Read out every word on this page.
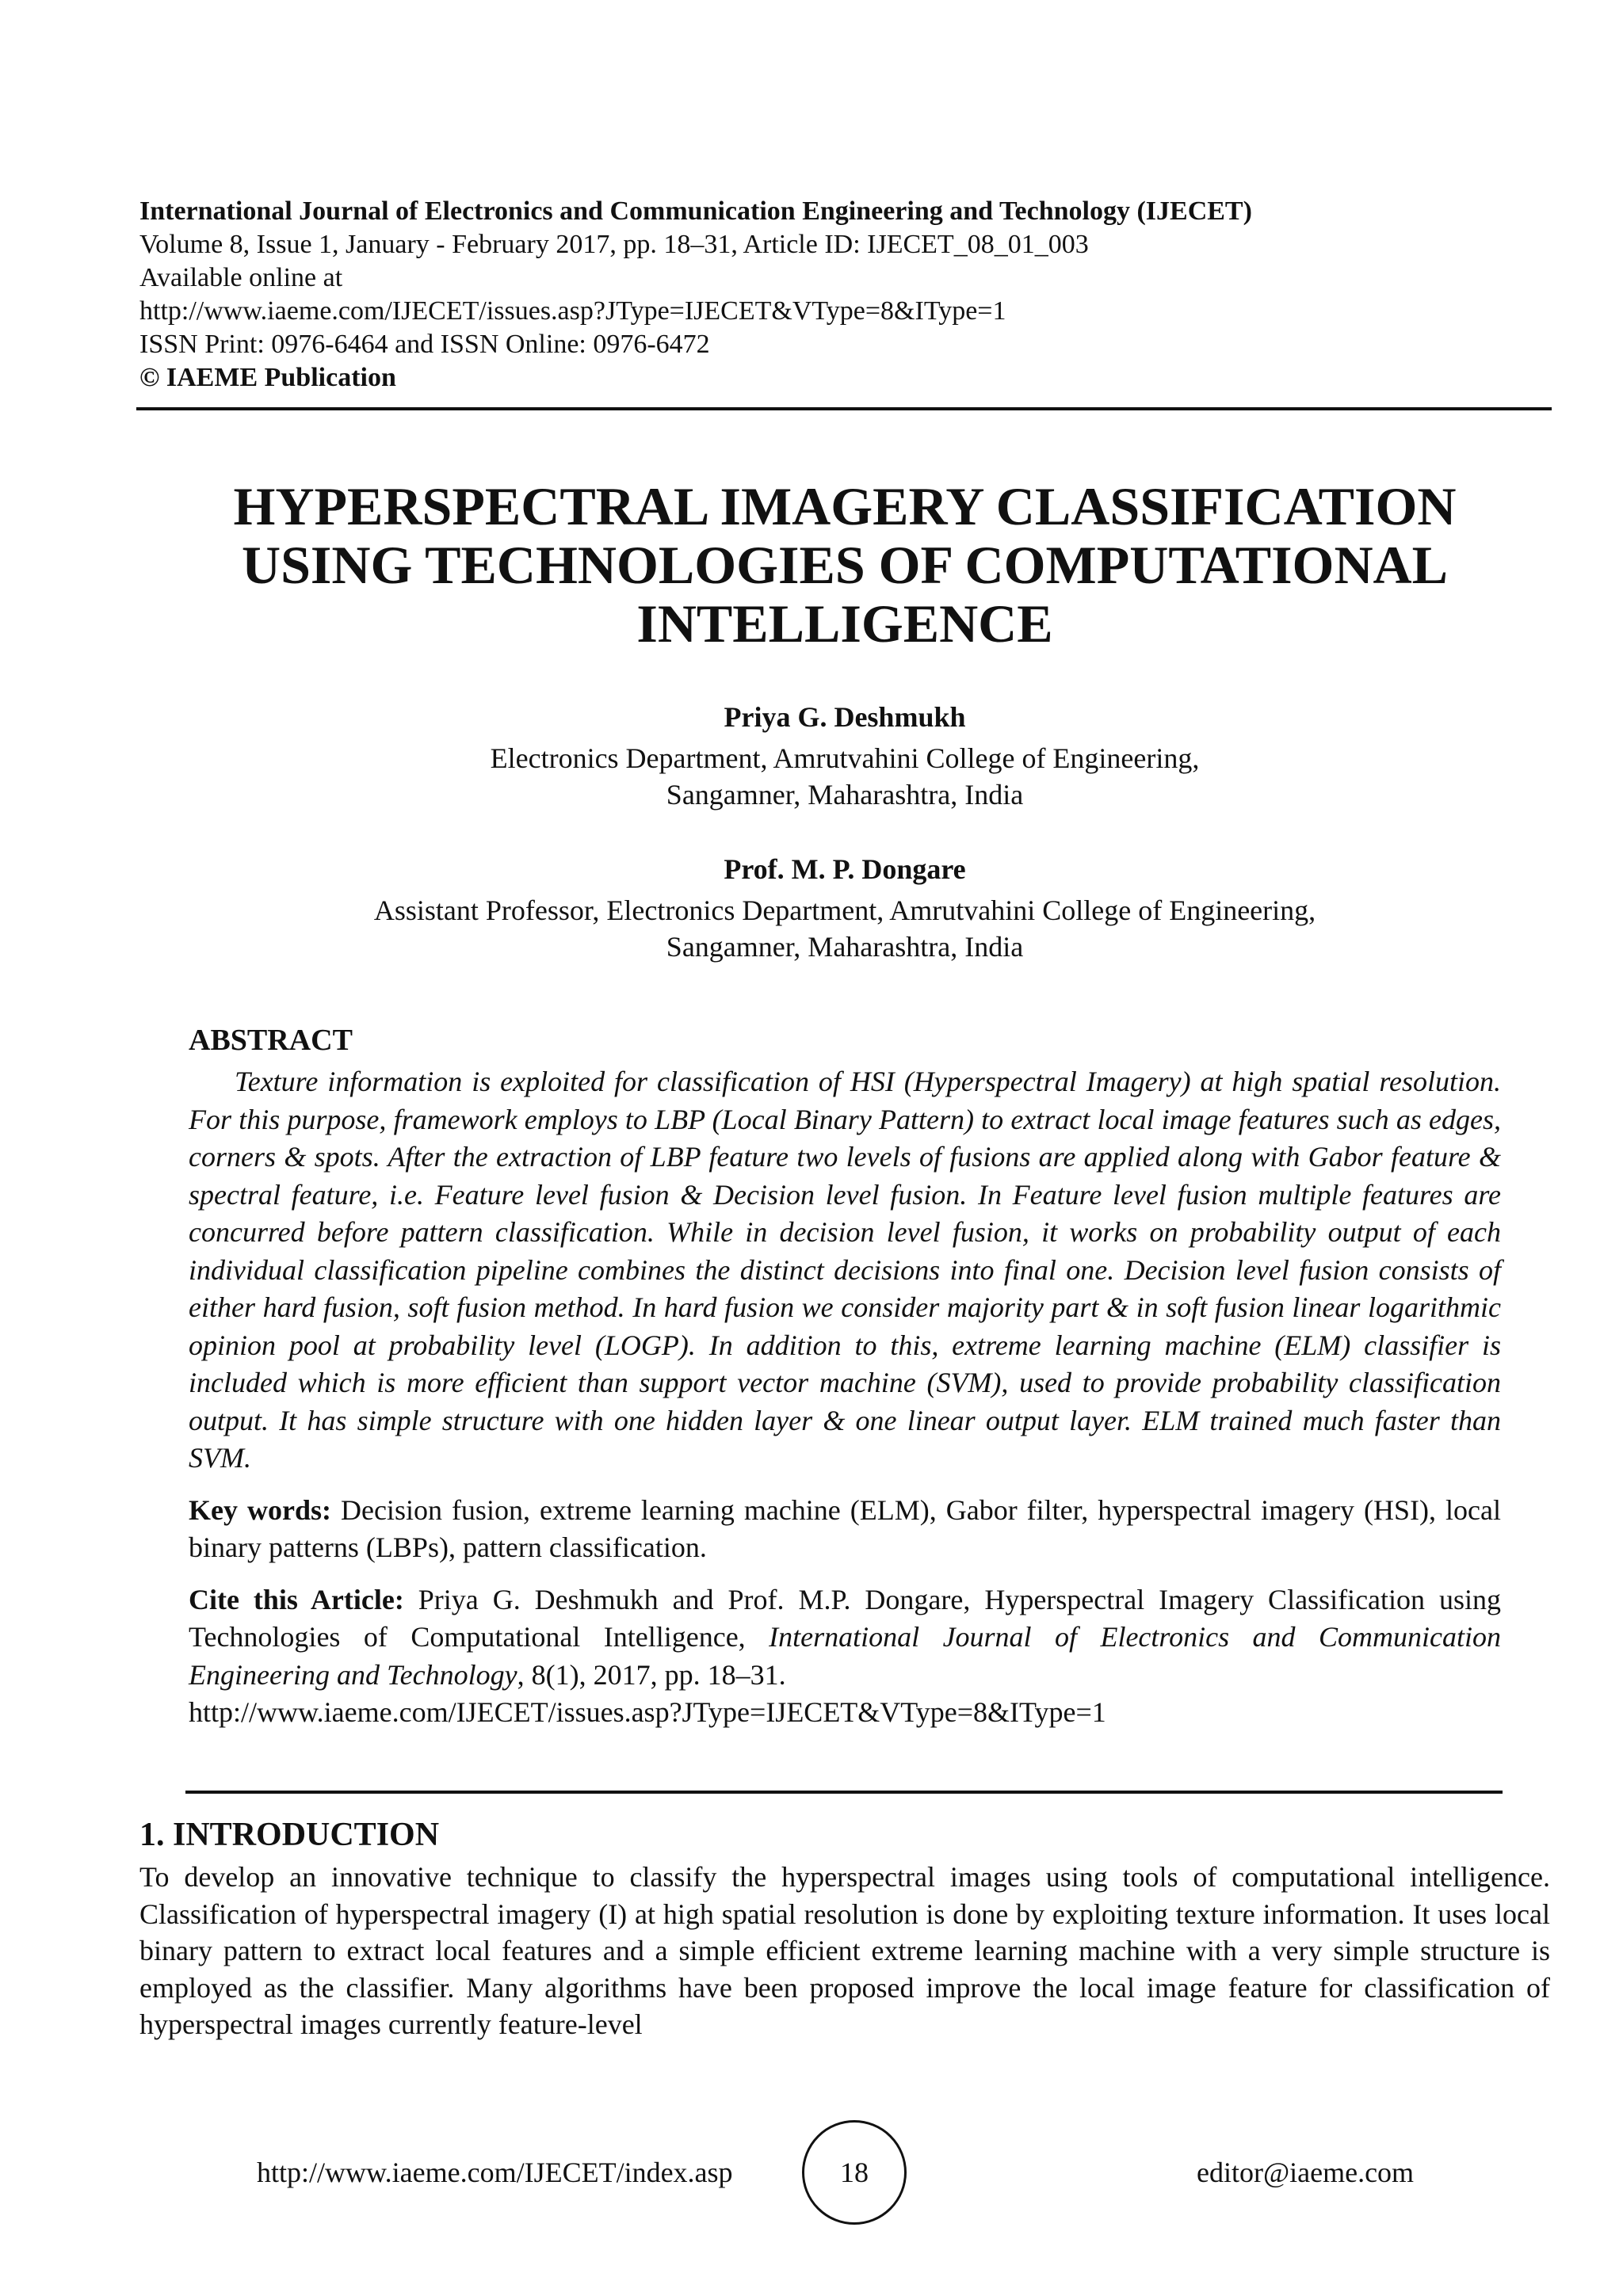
International Journal of Electronics and Communication Engineering and Technology (IJECET)
Volume 8, Issue 1, January - February 2017, pp. 18–31, Article ID: IJECET_08_01_003
Available online at
http://www.iaeme.com/IJECET/issues.asp?JType=IJECET&VType=8&IType=1
ISSN Print: 0976-6464 and ISSN Online: 0976-6472
© IAEME Publication
HYPERSPECTRAL IMAGERY CLASSIFICATION
USING TECHNOLOGIES OF COMPUTATIONAL
INTELLIGENCE
Priya G. Deshmukh
Electronics Department, Amrutvahini College of Engineering,
Sangamner, Maharashtra, India
Prof. M. P. Dongare
Assistant Professor, Electronics Department, Amrutvahini College of Engineering,
Sangamner, Maharashtra, India
ABSTRACT

Texture information is exploited for classification of HSI (Hyperspectral Imagery) at high spatial resolution. For this purpose, framework employs to LBP (Local Binary Pattern) to extract local image features such as edges, corners & spots. After the extraction of LBP feature two levels of fusions are applied along with Gabor feature & spectral feature, i.e. Feature level fusion & Decision level fusion. In Feature level fusion multiple features are concurred before pattern classification. While in decision level fusion, it works on probability output of each individual classification pipeline combines the distinct decisions into final one. Decision level fusion consists of either hard fusion, soft fusion method. In hard fusion we consider majority part & in soft fusion linear logarithmic opinion pool at probability level (LOGP). In addition to this, extreme learning machine (ELM) classifier is included which is more efficient than support vector machine (SVM), used to provide probability classification output. It has simple structure with one hidden layer & one linear output layer. ELM trained much faster than SVM.

Key words: Decision fusion, extreme learning machine (ELM), Gabor filter, hyperspectral imagery (HSI), local binary patterns (LBPs), pattern classification.

Cite this Article: Priya G. Deshmukh and Prof. M.P. Dongare, Hyperspectral Imagery Classification using Technologies of Computational Intelligence, International Journal of Electronics and Communication Engineering and Technology, 8(1), 2017, pp. 18–31.
http://www.iaeme.com/IJECET/issues.asp?JType=IJECET&VType=8&IType=1

1. INTRODUCTION

To develop an innovative technique to classify the hyperspectral images using tools of computational intelligence. Classification of hyperspectral imagery (I) at high spatial resolution is done by exploiting texture information. It uses local binary pattern to extract local features and a simple efficient extreme learning machine with a very simple structure is employed as the classifier. Many algorithms have been proposed improve the local image feature for classification of hyperspectral images currently feature-level

http://www.iaeme.com/IJECET/index.asp	18	editor@iaeme.com
